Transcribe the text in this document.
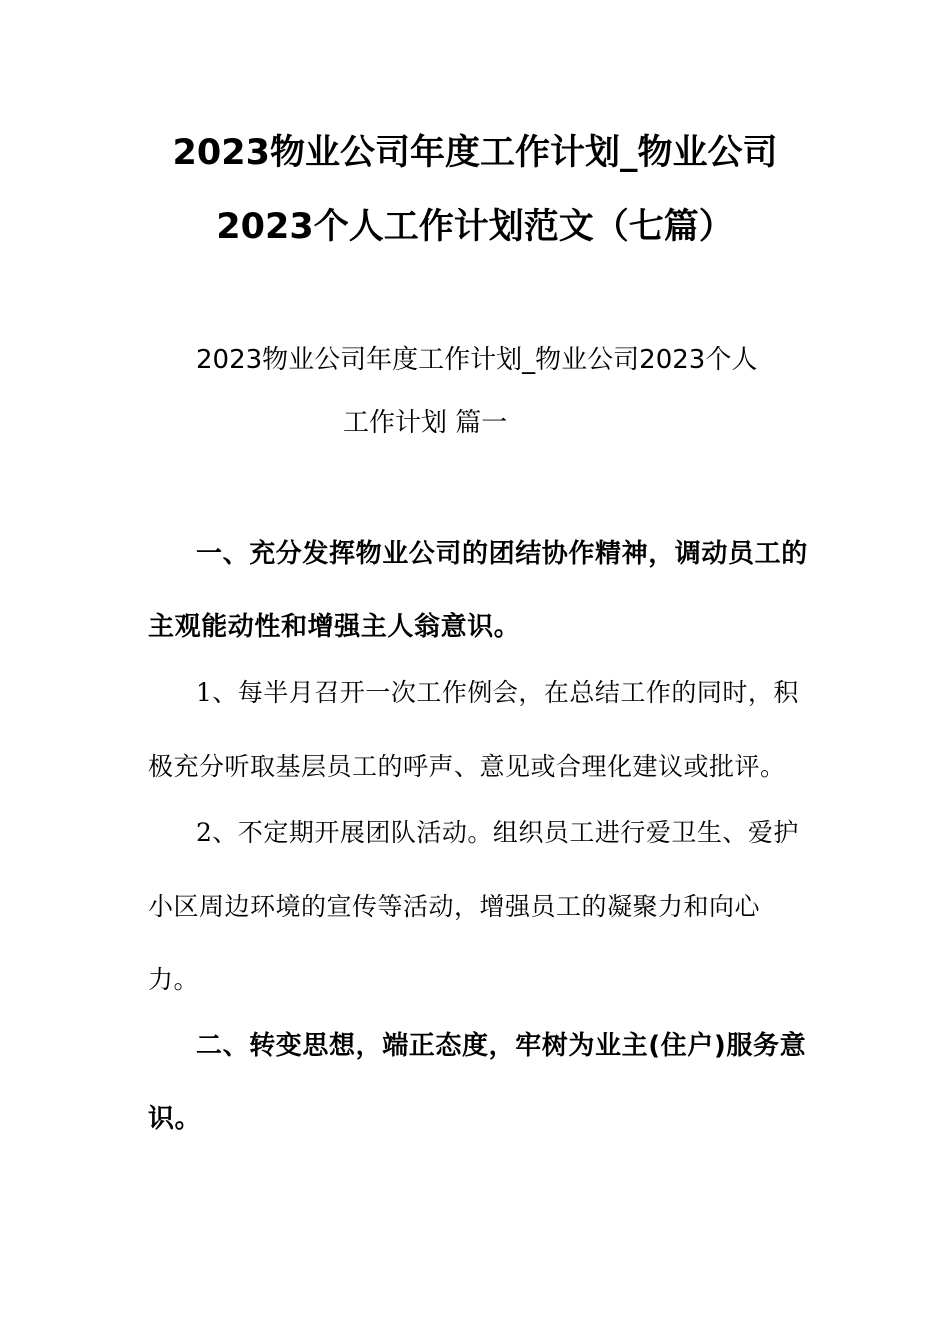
2023物业公司年度工作计划_物业公司
2023个人工作计划范文（七篇）
2023物业公司年度工作计划_物业公司2023个人
工作计划 篇一
一、充分发挥物业公司的团结协作精神，调动员工的
主观能动性和增强主人翁意识。
1、每半月召开一次工作例会，在总结工作的同时，积
极充分听取基层员工的呼声、意见或合理化建议或批评。
2、不定期开展团队活动。组织员工进行爱卫生、爱护
小区周边环境的宣传等活动，增强员工的凝聚力和向心
力。
二、转变思想，端正态度，牢树为业主(住户)服务意
识。
